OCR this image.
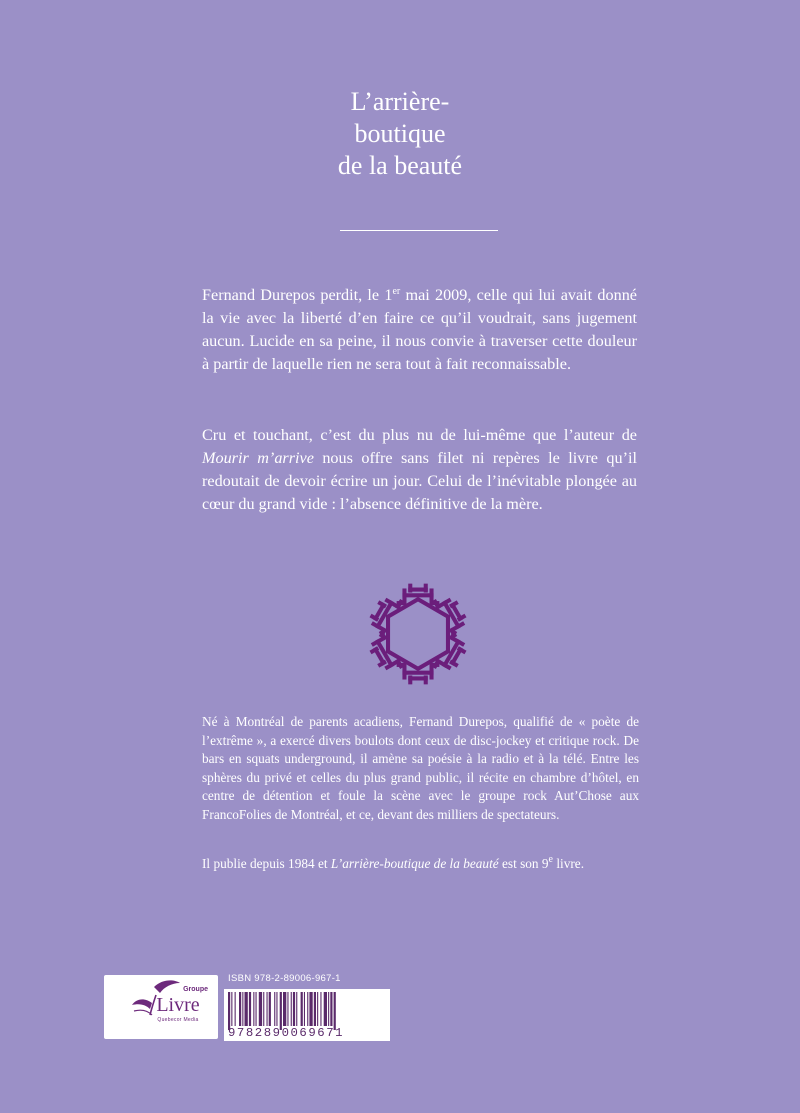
L’arrière-
boutique
de la beauté

Fernand Durepos perdit, le 1er mai 2009, celle qui lui avait donné la vie avec la liberté d’en faire ce qu’il voudrait, sans jugement aucun. Lucide en sa peine, il nous convie à traverser cette douleur à partir de laquelle rien ne sera tout à fait reconnaissable.

Cru et touchant, c’est du plus nu de lui-même que l’auteur de Mourir m’arrive nous offre sans filet ni repères le livre qu’il redoutait de devoir écrire un jour. Celui de l’inévitable plongée au cœur du grand vide : l’absence définitive de la mère.

Né à Montréal de parents acadiens, Fernand Durepos, qualifié de « poète de l’extrême », a exercé divers boulots dont ceux de disc-jockey et critique rock. De bars en squats underground, il amène sa poésie à la radio et à la télé. Entre les sphères du privé et celles du plus grand public, il récite en chambre d’hôtel, en centre de détention et foule la scène avec le groupe rock Aut’Chose aux FrancoFolies de Montréal, et ce, devant des milliers de spectateurs.

Il publie depuis 1984 et L’arrière-boutique de la beauté est son 9e livre.

Groupe
Livre
Quebecor Media
ISBN 978-2-89006-967-1
9782890069671
